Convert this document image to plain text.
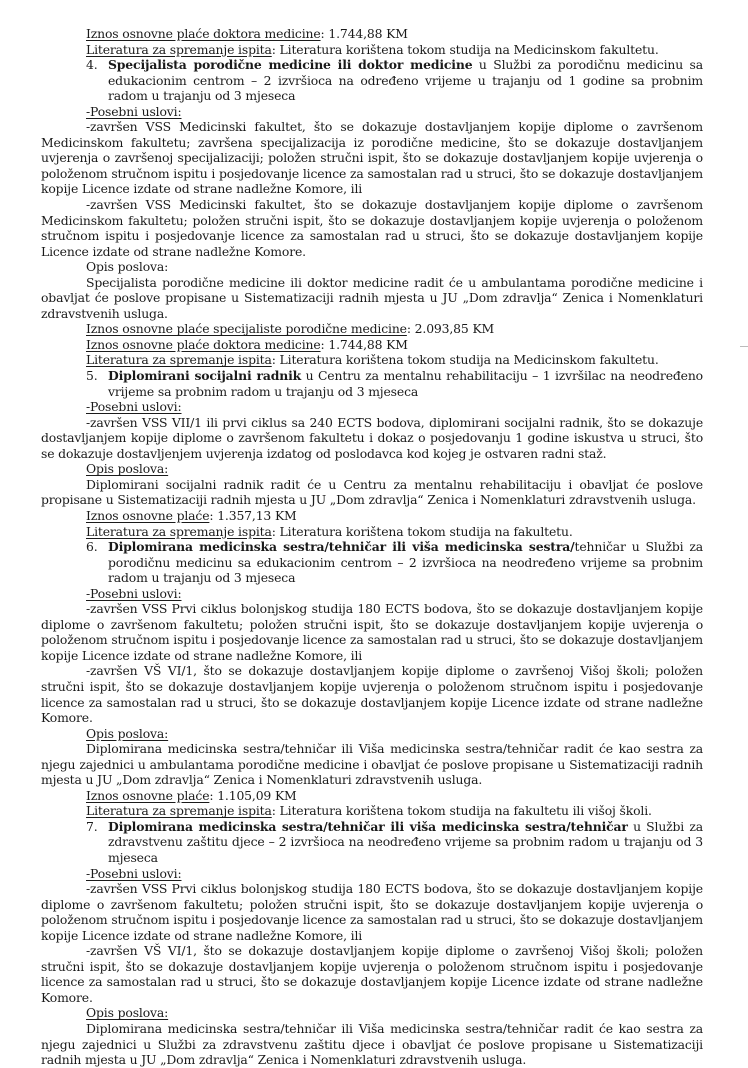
Iznos osnovne plaće doktora medicine: 1.744,88 KM

Literatura za spremanje ispita: Literatura korištena tokom studija na Medicinskom fakultetu.

4. Specijalista porodične medicine ili doktor medicine u Službi za porodičnu medicinu sa edukacionim centrom – 2 izvršioca na određeno vrijeme u trajanju od 1 godine sa probnim radom u trajanju od 3 mjeseca

-Posebni uslovi:

-završen VSS Medicinski fakultet, što se dokazuje dostavljanjem kopije diplome o završenom Medicinskom fakultetu; završena specijalizacija iz porodične medicine, što se dokazuje dostavljanjem uvjerenja o završenoj specijalizaciji; položen stručni ispit, što se dokazuje dostavljanjem kopije uvjerenja o položenom stručnom ispitu i posjedovanje licence za samostalan rad u struci, što se dokazuje dostavljanjem kopije Licence izdate od strane nadležne Komore, ili

-završen VSS Medicinski fakultet, što se dokazuje dostavljanjem kopije diplome o završenom Medicinskom fakultetu; položen stručni ispit, što se dokazuje dostavljanjem kopije uvjerenja o položenom stručnom ispitu i posjedovanje licence za samostalan rad u struci, što se dokazuje dostavljanjem kopije Licence izdate od strane nadležne Komore.

Opis poslova:

Specijalista porodične medicine ili doktor medicine radit će u ambulantama porodične medicine i obavljat će poslove propisane u Sistematizaciji radnih mjesta u JU „Dom zdravlja“ Zenica i Nomenklaturi zdravstvenih usluga.

Iznos osnovne plaće specijaliste porodične medicine: 2.093,85 KM

Iznos osnovne plaće doktora medicine: 1.744,88 KM

Literatura za spremanje ispita: Literatura korištena tokom studija na Medicinskom fakultetu.

5. Diplomirani socijalni radnik u Centru za mentalnu rehabilitaciju – 1 izvršilac na neodređeno vrijeme sa probnim radom u trajanju od 3 mjeseca

-Posebni uslovi:

-završen VSS VII/1 ili prvi ciklus sa 240 ECTS bodova, diplomirani socijalni radnik, što se dokazuje dostavljanjem kopije diplome o završenom fakultetu i dokaz o posjedovanju 1 godine iskustva u struci, što se dokazuje dostavljenjem uvjerenja izdatog od poslodavca kod kojeg je ostvaren radni staž.

Opis poslova:

Diplomirani socijalni radnik radit će u Centru za mentalnu rehabilitaciju i obavljat će poslove propisane u Sistematizaciji radnih mjesta u JU „Dom zdravlja“ Zenica i Nomenklaturi zdravstvenih usluga.

Iznos osnovne plaće: 1.357,13 KM

Literatura za spremanje ispita: Literatura korištena tokom studija na fakultetu.

6. Diplomirana medicinska sestra/tehničar ili viša medicinska sestra/tehničar u Službi za porodičnu medicinu sa edukacionim centrom – 2 izvršioca na neodređeno vrijeme sa probnim radom u trajanju od 3 mjeseca

-Posebni uslovi:

-završen VSS Prvi ciklus bolonjskog studija 180 ECTS bodova, što se dokazuje dostavljanjem kopije diplome o završenom fakultetu; položen stručni ispit, što se dokazuje dostavljanjem kopije uvjerenja o položenom stručnom ispitu i posjedovanje licence za samostalan rad u struci, što se dokazuje dostavljanjem kopije Licence izdate od strane nadležne Komore, ili

-završen VŠ VI/1, što se dokazuje dostavljanjem kopije diplome o završenoj Višoj školi; položen stručni ispit, što se dokazuje dostavljanjem kopije uvjerenja o položenom stručnom ispitu i posjedovanje licence za samostalan rad u struci, što se dokazuje dostavljanjem kopije Licence izdate od strane nadležne Komore.

Opis poslova:

Diplomirana medicinska sestra/tehničar ili Viša medicinska sestra/tehničar radit će kao sestra za njegu zajednici u ambulantama porodične medicine i obavljat će poslove propisane u Sistematizaciji radnih mjesta u JU „Dom zdravlja“ Zenica i Nomenklaturi zdravstvenih usluga.

Iznos osnovne plaće: 1.105,09 KM

Literatura za spremanje ispita: Literatura korištena tokom studija na fakultetu ili višoj školi.

7. Diplomirana medicinska sestra/tehničar ili viša medicinska sestra/tehničar u Službi za zdravstvenu zaštitu djece – 2 izvršioca na neodređeno vrijeme sa probnim radom u trajanju od 3 mjeseca

-Posebni uslovi:

-završen VSS Prvi ciklus bolonjskog studija 180 ECTS bodova, što se dokazuje dostavljanjem kopije diplome o završenom fakultetu; položen stručni ispit, što se dokazuje dostavljanjem kopije uvjerenja o položenom stručnom ispitu i posjedovanje licence za samostalan rad u struci, što se dokazuje dostavljanjem kopije Licence izdate od strane nadležne Komore, ili

-završen VŠ VI/1, što se dokazuje dostavljanjem kopije diplome o završenoj Višoj školi; položen stručni ispit, što se dokazuje dostavljanjem kopije uvjerenja o položenom stručnom ispitu i posjedovanje licence za samostalan rad u struci, što se dokazuje dostavljanjem kopije Licence izdate od strane nadležne Komore.

Opis poslova:

Diplomirana medicinska sestra/tehničar ili Viša medicinska sestra/tehničar radit će kao sestra za njegu zajednici u Službi za zdravstvenu zaštitu djece i obavljat će poslove propisane u Sistematizaciji radnih mjesta u JU „Dom zdravlja“ Zenica i Nomenklaturi zdravstvenih usluga.
